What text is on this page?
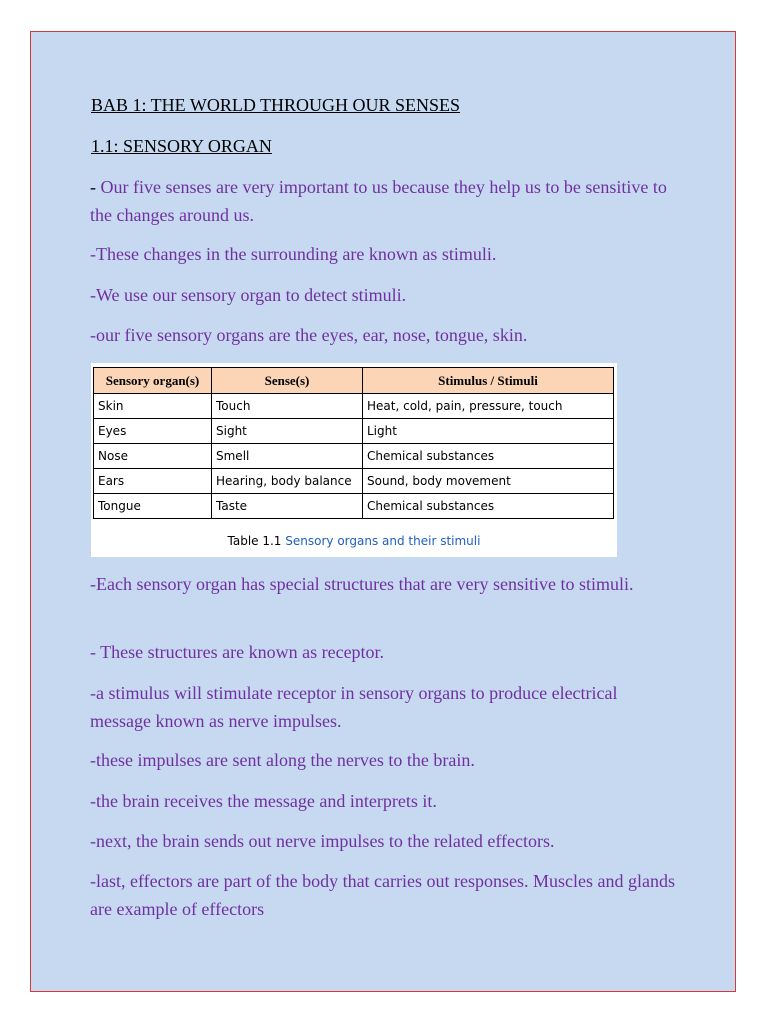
BAB 1: THE WORLD THROUGH OUR SENSES
1.1: SENSORY ORGAN

- Our five senses are very important to us because they help us to be sensitive to the changes around us.

-These changes in the surrounding are known as stimuli.

-We use our sensory organ to detect stimuli.

-our five sensory organs are the eyes, ear, nose, tongue, skin.

Sensory organ(s)	Sense(s)	Stimulus / Stimuli
Skin	Touch	Heat, cold, pain, pressure, touch
Eyes	Sight	Light
Nose	Smell	Chemical substances
Ears	Hearing, body balance	Sound, body movement
Tongue	Taste	Chemical substances
Table 1.1 Sensory organs and their stimuli

-Each sensory organ has special structures that are very sensitive to stimuli.

- These structures are known as receptor.

-a stimulus will stimulate receptor in sensory organs to produce electrical message known as nerve impulses.

-these impulses are sent along the nerves to the brain.

-the brain receives the message and interprets it.

-next, the brain sends out nerve impulses to the related effectors.

-last, effectors are part of the body that carries out responses. Muscles and glands are example of effectors
